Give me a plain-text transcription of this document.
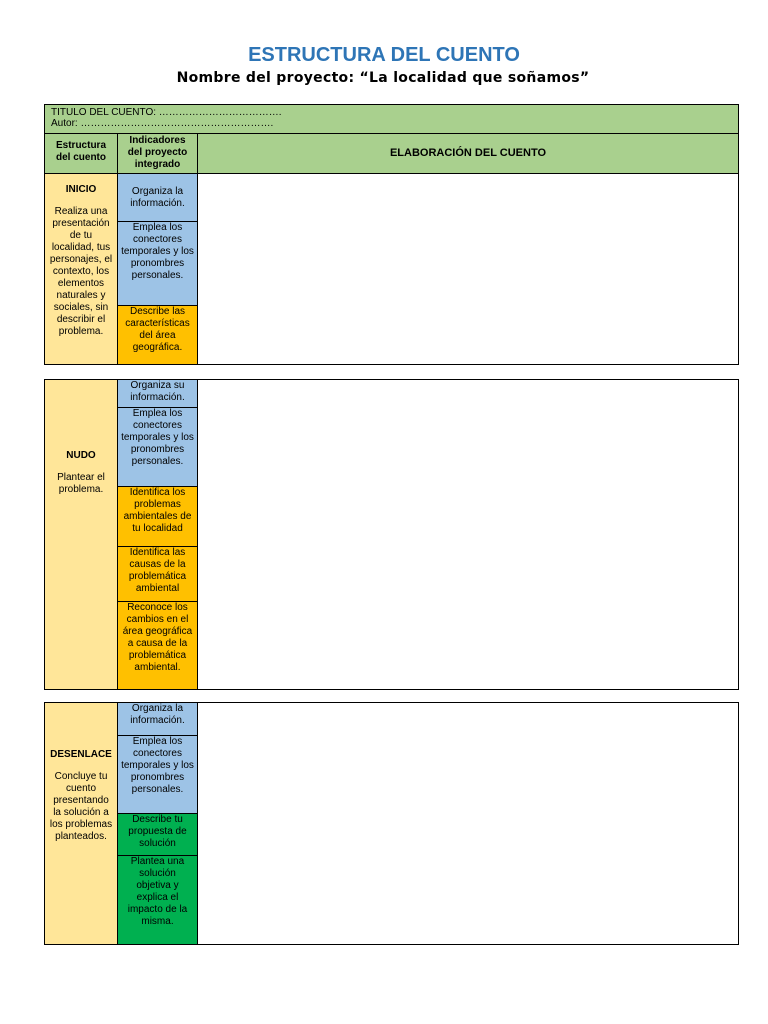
ESTRUCTURA DEL CUENTO
Nombre del proyecto: “La localidad que soñamos”
TITULO DEL CUENTO: ……………………………….
Autor: ………………………………………………….
Estructura del cuento
Indicadores del proyecto integrado
ELABORACIÓN DEL CUENTO
INICIO
Realiza una presentación de tu localidad, tus personajes, el contexto, los elementos naturales y sociales, sin describir el problema.
Organiza la información.
Emplea los conectores temporales y los pronombres personales.
Describe las características del área geográfica.
NUDO
Plantear el problema.
Organiza su información.
Emplea los conectores temporales y los pronombres personales.
Identifica los problemas ambientales de tu localidad
Identifica las causas de la problemática ambiental
Reconoce los cambios en el área geográfica a causa de la problemática ambiental.
DESENLACE
Concluye tu cuento presentando la solución a los problemas planteados.
Organiza la información.
Emplea los conectores temporales y los pronombres personales.
Describe tu propuesta de solución
Plantea una solución objetiva y explica el impacto de la misma.
